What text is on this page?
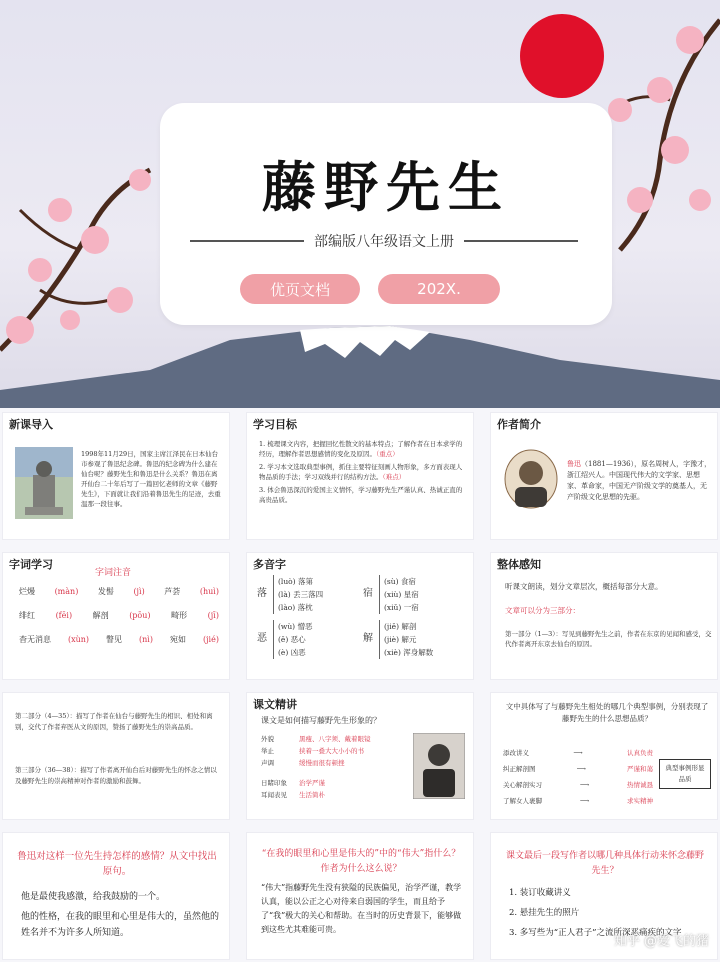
藤野先生
部编版八年级语文上册
优页文档	202X.
新课导入
1998年11月29日，国家主席江泽民在日本仙台市参观了鲁迅纪念碑。鲁迅的纪念碑为什么建在仙台呢？藤野先生和鲁迅是什么关系？鲁迅在离开仙台二十年后写了一篇回忆老师的文章《藤野先生》，下面就让我们沿着鲁迅先生的足迹，去重温那一段往事。
学习目标
1. 梳理课文内容，把握回忆性散文的基本特点；了解作者在日本求学的经历，理解作者思想感情的变化及原因。（重点）
2. 学习本文选取典型事例，抓住主要特征刻画人物形象，多方面表现人物品质的手法；学习双线并行的结构方法。（难点）
3. 体会鲁迅深沉的爱国主义情怀，学习藤野先生严谨认真、热诚正直的高贵品质。
作者简介
鲁迅（1881—1936），原名周树人，字豫才，浙江绍兴人。中国现代伟大的文学家、思想家、革命家，中国无产阶级文学的奠基人，无产阶级文化思想的先驱。
字词学习
字词注音
烂熳 (màn) 发髻 (jì) 芦荟 (huì)
绯红	(fēi)	解剖	(pōu)	畸形	(jī)
杳无消息 (xùn) 瞥见 (nì) 宛如 (jié)
多音字
落
(luò) 落第
(là) 丢三落四
(lào) 落枕
恶
(wù) 憎恶
(ě) 恶心
(è) 凶恶
宿
(sù) 食宿
(xiù) 星宿
(xiǔ) 一宿
解
(jiě) 解剖
(jiè) 解元
(xiè) 浑身解数
整体感知
听课文朗读，划分文章层次，概括每部分大意。
文章可以分为三部分：
第一部分（1—3）：写见到藤野先生之前，作者在东京的见闻和感受，交代作者离开东京去仙台的原因。
第二部分（4—35）：描写了作者在仙台与藤野先生的相识、相处和离别，交代了作者弃医从文的原因，赞扬了藤野先生的崇高品质。
第三部分（36—38）：描写了作者离开仙台后对藤野先生的怀念之情以及藤野先生的崇高精神对作者的激励和鼓舞。
课文精讲
课文是如何描写藤野先生形象的？
外貌	黑瘦、八字须、戴着眼镜
举止	挟着一叠大大小小的书
声调	缓慢而很有顿挫
日睹印象	治学严谨
耳闻表见	生活简朴
文中具体写了与藤野先生相处的哪几个典型事例，分别表现了藤野先生的什么思想品质？
添改讲义	⟶	认真负责
纠正解剖图	⟶	严谨和蔼
关心解剖实习	⟶	热情诚恳
了解女人裹脚	⟶	求实精神
典型事例形显品质
鲁迅对这样一位先生持怎样的感情？从文中找出原句。
他是最使我感激，给我鼓励的一个。
他的性格，在我的眼里和心里是伟大的，虽然他的姓名并不为许多人所知道。
“在我的眼里和心里是伟大的”中的“伟大”指什么？作者为什么这么说？
“伟大”指藤野先生没有狭隘的民族偏见，治学严谨，教学认真，能以公正之心对待来自弱国的学生，而且给予了“我”极大的关心和帮助。在当时的历史背景下，能够做到这些尤其难能可贵。
课文最后一段写作者以哪几种具体行动来怀念藤野先生？
1. 装订收藏讲义
2. 悬挂先生的照片
3. 多写些为“正人君子”之流所深恶痛疾的文字
知乎 @爱飞的猪
